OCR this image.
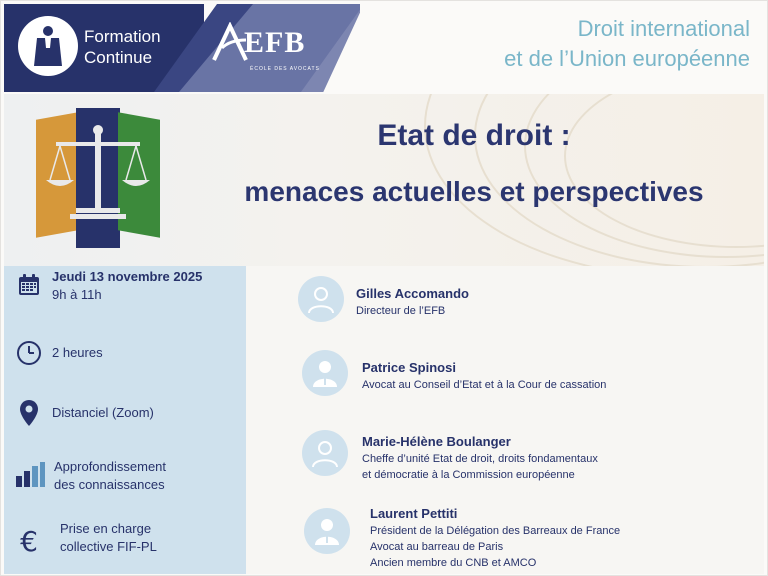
Formation
Continue	EFB
ÉCOLE DES AVOCATS
Droit international
et de l’Union européenne
Etat de droit :
menaces actuelles et perspectives
Jeudi 13 novembre 2025
9h à 11h
2 heures
Distanciel (Zoom)
Approfondissement
des connaissances
€ Prise en charge
collective FIF-PL
Gilles Accomando
Directeur de l’EFB
Patrice Spinosi
Avocat au Conseil d’Etat et à la Cour de cassation
Marie-Hélène Boulanger
Cheffe d’unité Etat de droit, droits fondamentaux
et démocratie à la Commission européenne
Laurent Pettiti
Président de la Délégation des Barreaux de France
Avocat au barreau de Paris
Ancien membre du CNB et AMCO
